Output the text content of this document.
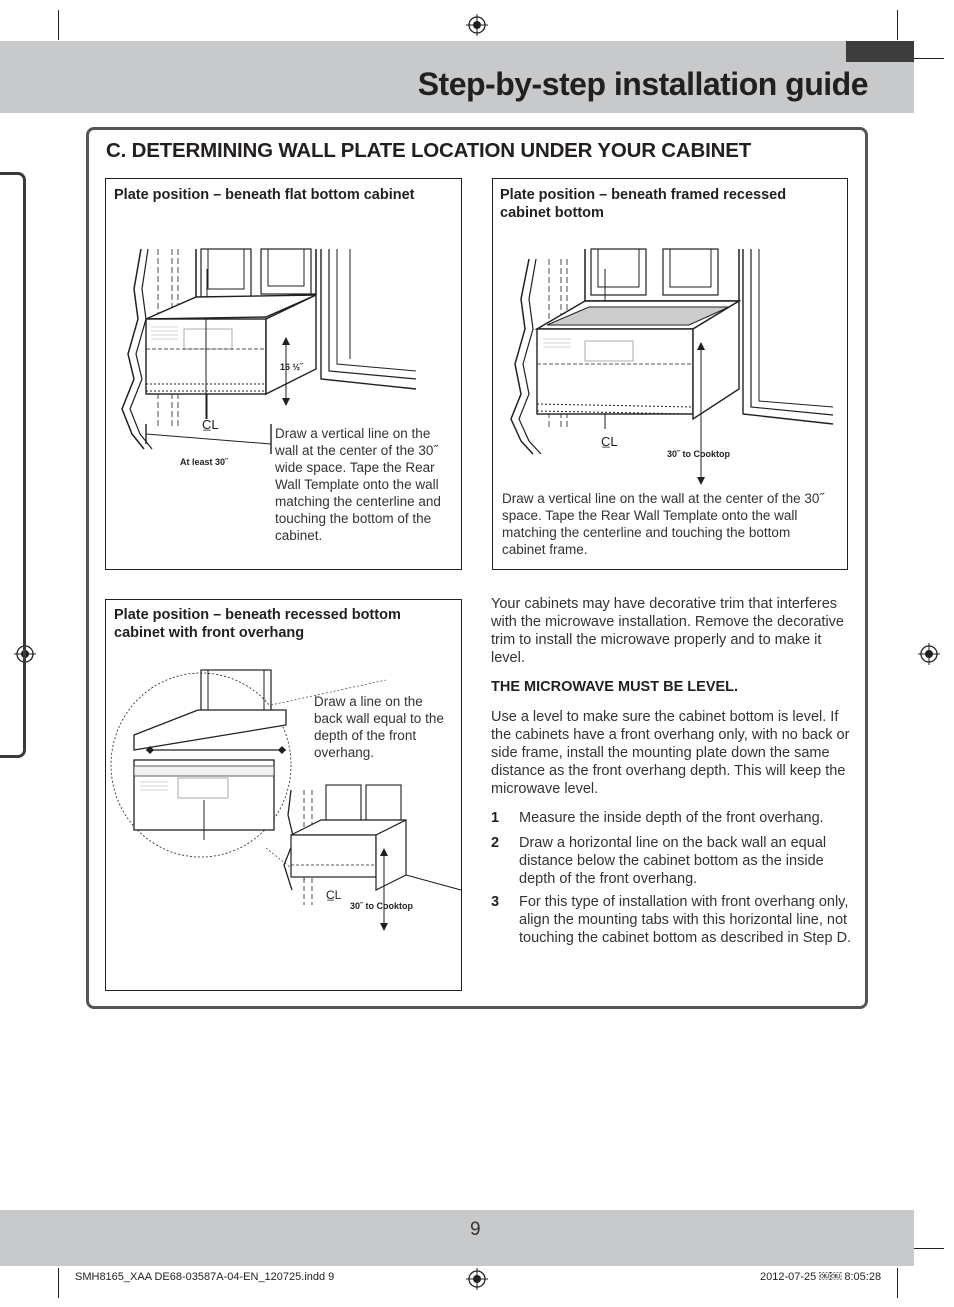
Step-by-step installation guide
C. DETERMINING WALL PLATE LOCATION UNDER YOUR CABINET
Plate position – beneath flat bottom cabinet
16 ½˝
C̲L
At least 30˝
Draw a vertical line on the wall at the center of the 30˝ wide space. Tape the Rear Wall Template onto the wall matching the centerline and touching the bottom of the cabinet.
Plate position – beneath framed recessed cabinet bottom
C̲L
30˝ to Cooktop
Draw a vertical line on the wall at the center of the 30˝ space. Tape the Rear Wall Template onto the wall matching the centerline and touching the bottom cabinet frame.
Plate position – beneath recessed bottom cabinet with front overhang
Draw a line on the back wall equal to the depth of the front overhang.
C̲L
30˝ to Cooktop
Your cabinets may have decorative trim that interferes with the microwave installation. Remove the decorative trim to install the microwave properly and to make it level.
THE MICROWAVE MUST BE LEVEL.
Use a level to make sure the cabinet bottom is level. If the cabinets have a front overhang only, with no back or side frame, install the mounting plate down the same distance as the front overhang depth. This will keep the microwave level.
1 Measure the inside depth of the front overhang.
2 Draw a horizontal line on the back wall an equal distance below the cabinet bottom as the inside depth of the front overhang.
3 For this type of installation with front overhang only, align the mounting tabs with this horizontal line, not touching the cabinet bottom as described in Step D.
9
SMH8165_XAA DE68-03587A-04-EN_120725.indd 9	2012-07-25 ￼￼ 8:05:28
